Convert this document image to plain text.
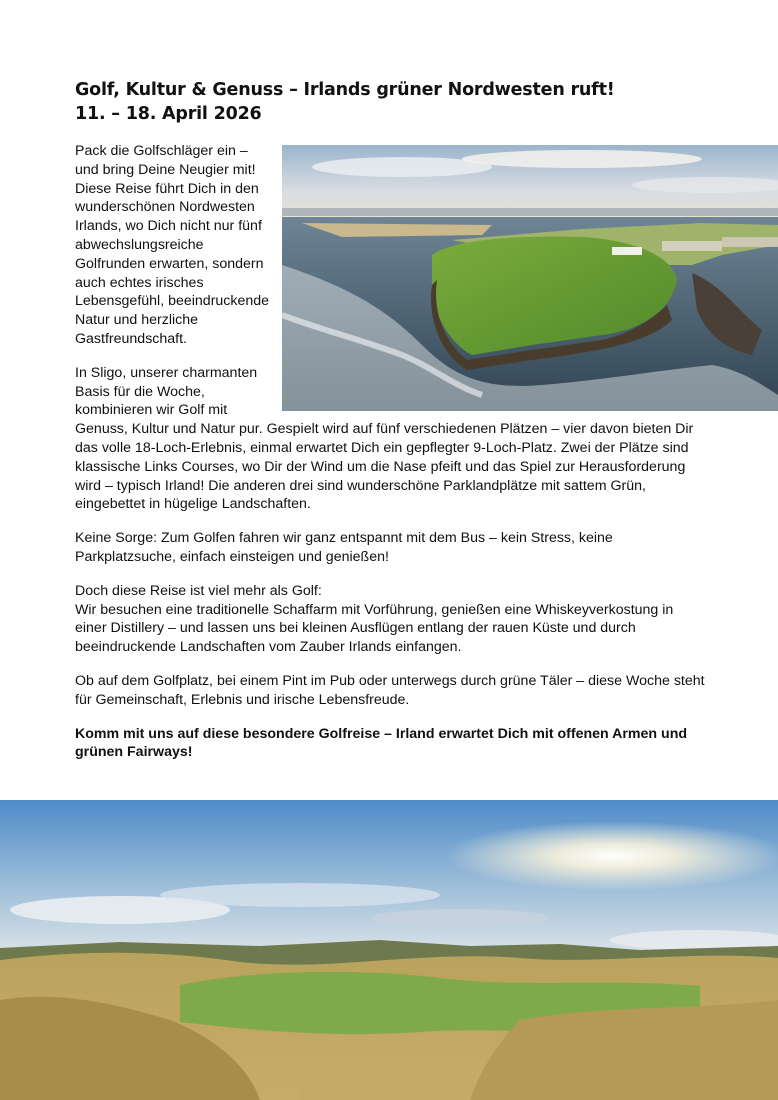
Golf, Kultur & Genuss – Irlands grüner Nordwesten ruft!
11. – 18. April 2026

Pack die Golfschläger ein – und bring Deine Neugier mit! Diese Reise führt Dich in den wunderschönen Nordwesten Irlands, wo Dich nicht nur fünf abwechslungsreiche Golfrunden erwarten, sondern auch echtes irisches Lebensgefühl, beeindruckende Natur und herzliche Gastfreundschaft.

In Sligo, unserer charmanten Basis für die Woche, kombinieren wir Golf mit Genuss, Kultur und Natur pur. Gespielt wird auf fünf verschiedenen Plätzen – vier davon bieten Dir das volle 18-Loch-Erlebnis, einmal erwartet Dich ein gepflegter 9-Loch-Platz. Zwei der Plätze sind klassische Links Courses, wo Dir der Wind um die Nase pfeift und das Spiel zur Herausforderung wird – typisch Irland! Die anderen drei sind wunderschöne Parklandplätze mit sattem Grün, eingebettet in hügelige Landschaften.

Keine Sorge: Zum Golfen fahren wir ganz entspannt mit dem Bus – kein Stress, keine Parkplatzsuche, einfach einsteigen und genießen!

Doch diese Reise ist viel mehr als Golf:
Wir besuchen eine traditionelle Schaffarm mit Vorführung, genießen eine Whiskeyverkostung in einer Distillery – und lassen uns bei kleinen Ausflügen entlang der rauen Küste und durch beeindruckende Landschaften vom Zauber Irlands einfangen.

Ob auf dem Golfplatz, bei einem Pint im Pub oder unterwegs durch grüne Täler – diese Woche steht für Gemeinschaft, Erlebnis und irische Lebensfreude.

Komm mit uns auf diese besondere Golfreise – Irland erwartet Dich mit offenen Armen und grünen Fairways!
